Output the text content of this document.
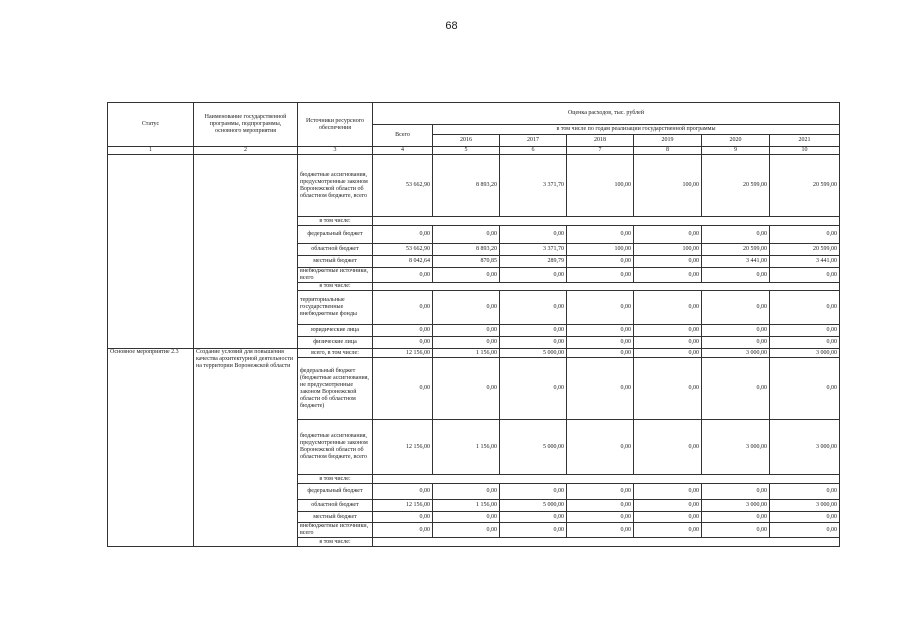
68
Статус	Наименование государственной программы, подпрограммы, основного мероприятия	Источники ресурсного обеспечения	Оценка расходов, тыс. рублей						
			Всего	в том числе по годам реализации государственной программы					
				2016	2017	2018	2019	2020	2021
1	2	3	4	5	6	7	8	9	10
		бюджетные ассигнования, предусмотренные законом Воронежской области об областном бюджете, всего	53 662,90	8 893,20	3 371,70	100,00	100,00	20 599,00	20 599,00
		в том числе:							
		федеральный бюджет	0,00	0,00	0,00	0,00	0,00	0,00	0,00
		областной бюджет	53 662,90	8 893,20	3 371,70	100,00	100,00	20 599,00	20 599,00
		местный бюджет	8 042,64	870,85	289,79	0,00	0,00	3 441,00	3 441,00
		внебюджетные источники, всего	0,00	0,00	0,00	0,00	0,00	0,00	0,00
		в том числе:							
		территориальные государственные внебюджетные фонды	0,00	0,00	0,00	0,00	0,00	0,00	0,00
		юридические лица	0,00	0,00	0,00	0,00	0,00	0,00	0,00
		физические лица	0,00	0,00	0,00	0,00	0,00	0,00	0,00
Основное мероприятие 2.3	Создание условий для повышения качества архитектурной деятельности на территории Воронежской области	всего, в том числе:	12 156,00	1 156,00	5 000,00	0,00	0,00	3 000,00	3 000,00
		федеральный бюджет (бюджетные ассигнования, не предусмотренные законом Воронежской области об областном бюджете)	0,00	0,00	0,00	0,00	0,00	0,00	0,00
		бюджетные ассигнования, предусмотренные законом Воронежской области об областном бюджете, всего	12 156,00	1 156,00	5 000,00	0,00	0,00	3 000,00	3 000,00
		в том числе:							
		федеральный бюджет	0,00	0,00	0,00	0,00	0,00	0,00	0,00
		областной бюджет	12 156,00	1 156,00	5 000,00	0,00	0,00	3 000,00	3 000,00
		местный бюджет	0,00	0,00	0,00	0,00	0,00	0,00	0,00
		внебюджетные источники, всего	0,00	0,00	0,00	0,00	0,00	0,00	0,00
		в том числе:							
